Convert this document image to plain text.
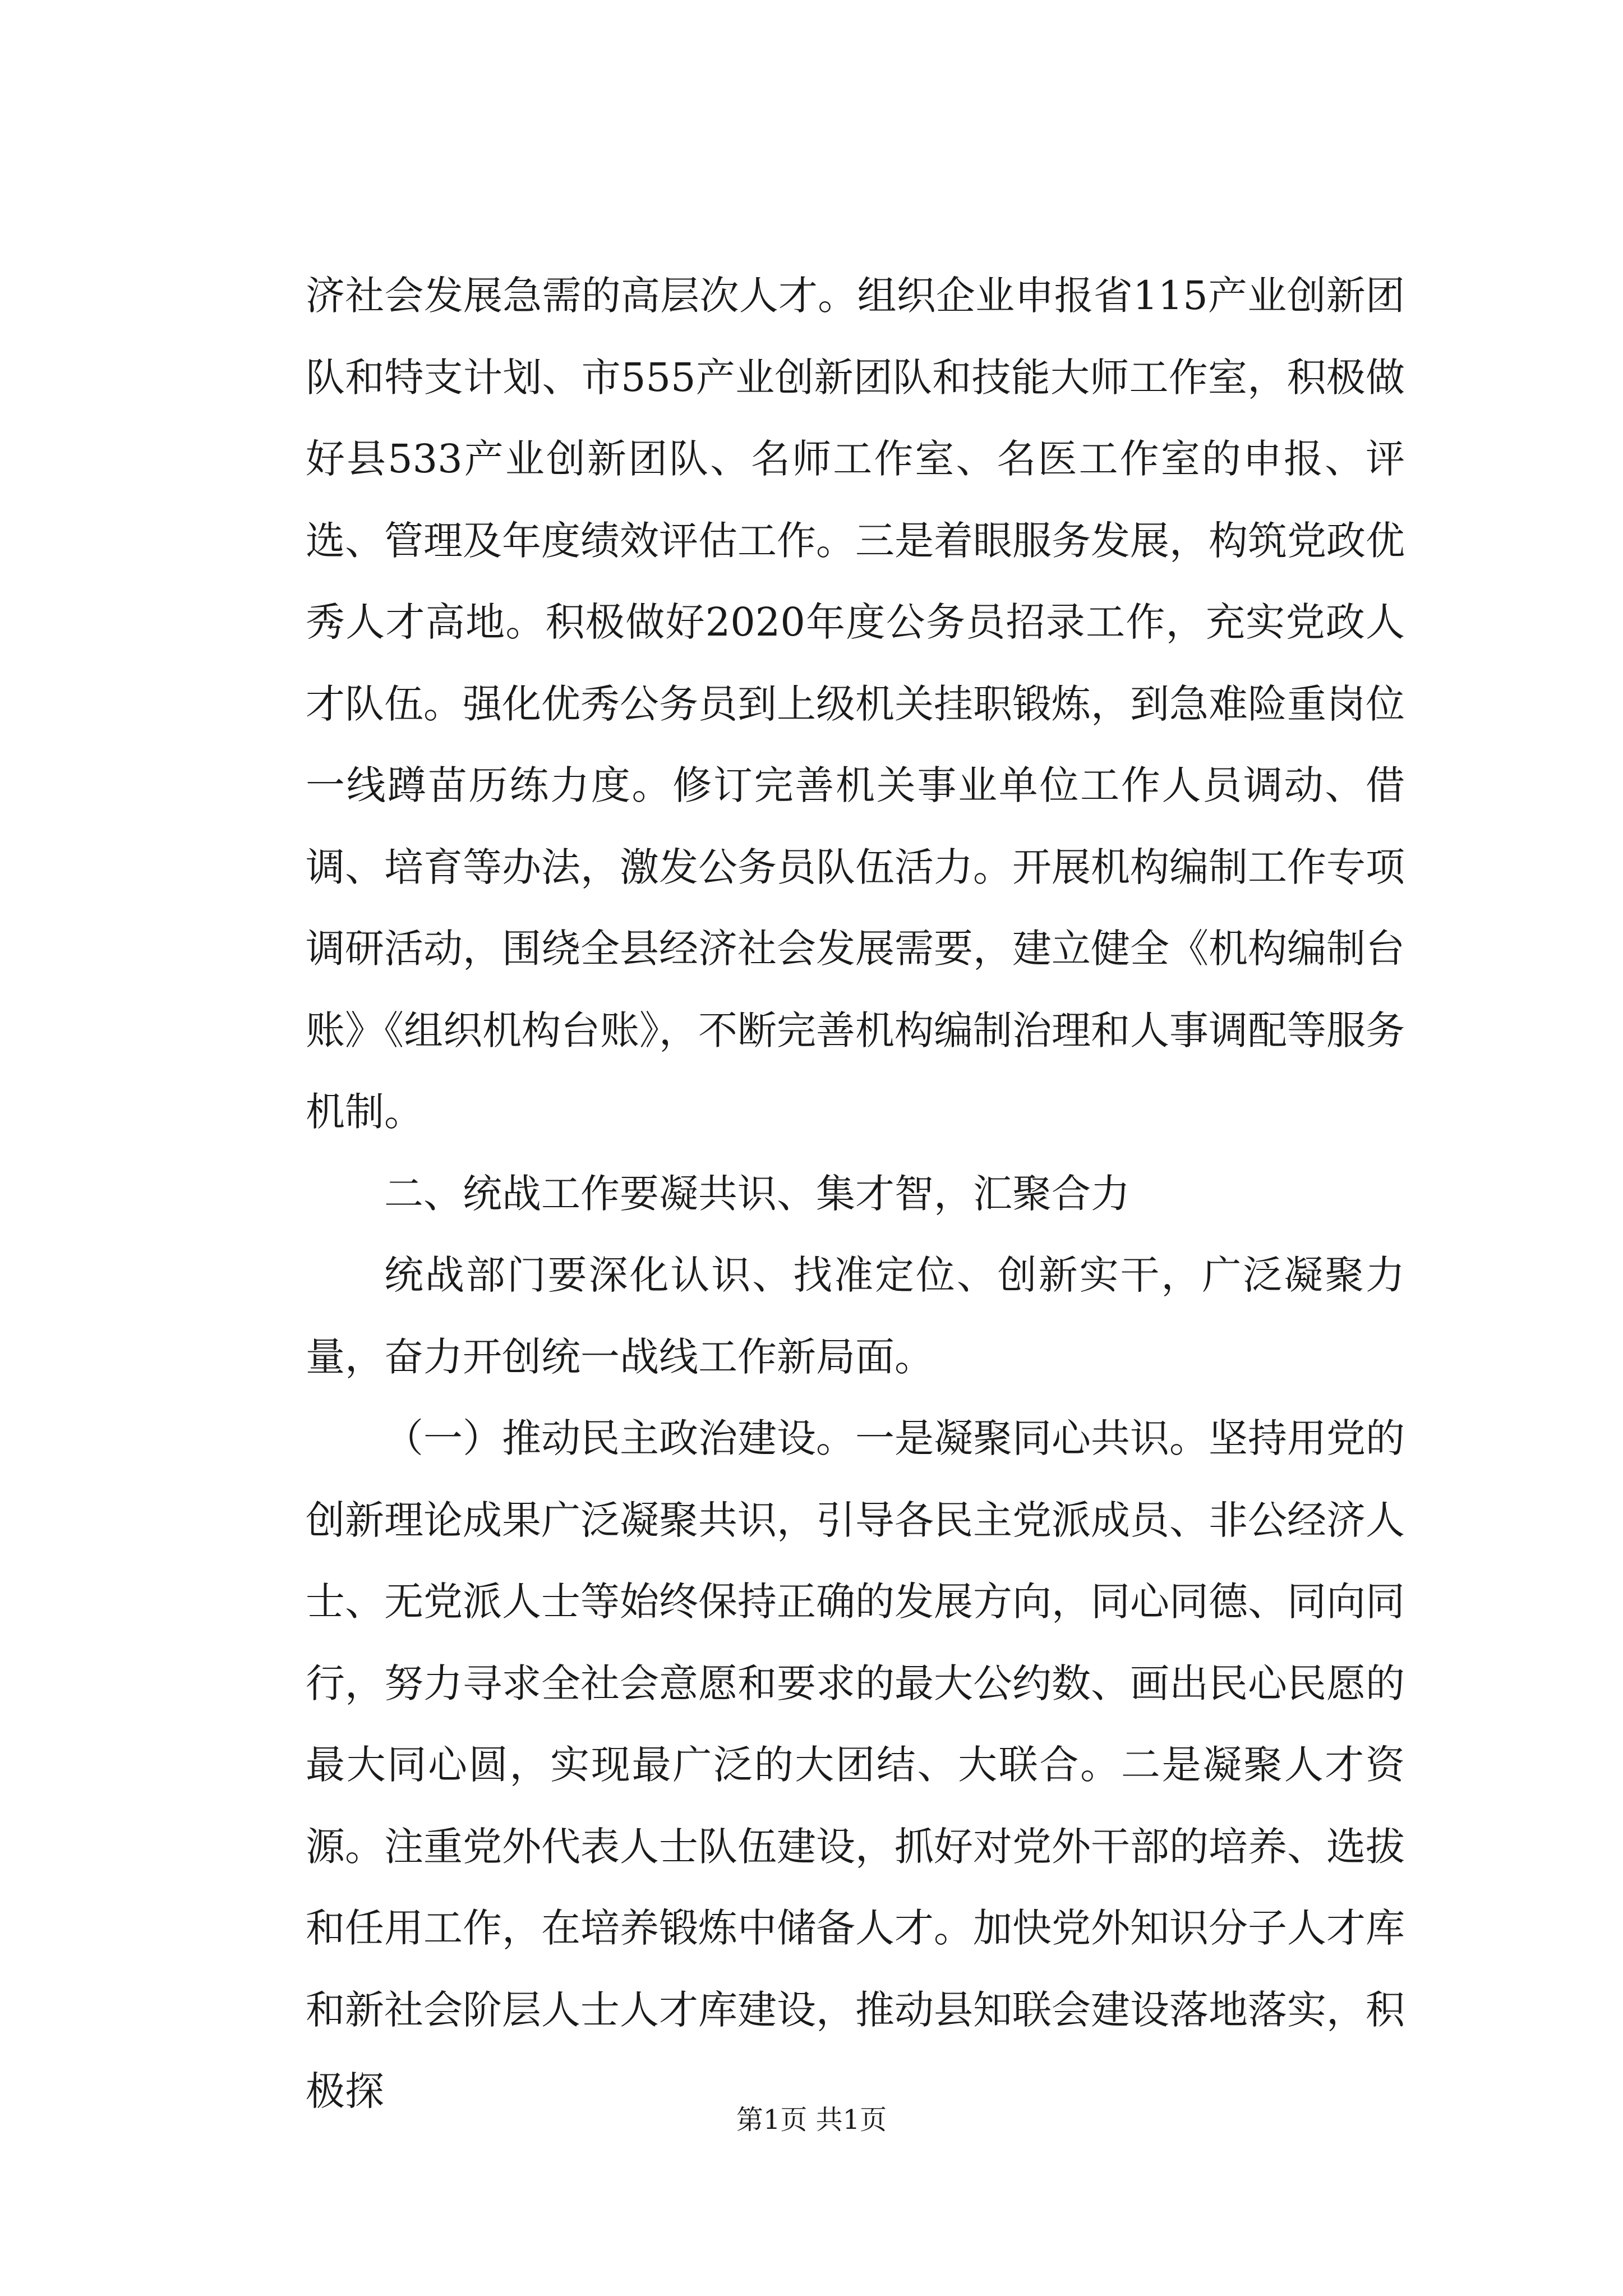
济社会发展急需的高层次人才。组织企业申报省115产业创新团队和特支计划、市555产业创新团队和技能大师工作室，积极做好县533产业创新团队、名师工作室、名医工作室的申报、评选、管理及年度绩效评估工作。三是着眼服务发展，构筑党政优秀人才高地。积极做好2020年度公务员招录工作，充实党政人才队伍。强化优秀公务员到上级机关挂职锻炼，到急难险重岗位一线蹲苗历练力度。修订完善机关事业单位工作人员调动、借调、培育等办法，激发公务员队伍活力。开展机构编制工作专项调研活动，围绕全县经济社会发展需要，建立健全《机构编制台账》《组织机构台账》，不断完善机构编制治理和人事调配等服务机制。

二、统战工作要凝共识、集才智，汇聚合力

统战部门要深化认识、找准定位、创新实干，广泛凝聚力量，奋力开创统一战线工作新局面。

（一）推动民主政治建设。一是凝聚同心共识。坚持用党的创新理论成果广泛凝聚共识，引导各民主党派成员、非公经济人士、无党派人士等始终保持正确的发展方向，同心同德、同向同行，努力寻求全社会意愿和要求的最大公约数、画出民心民愿的最大同心圆，实现最广泛的大团结、大联合。二是凝聚人才资源。注重党外代表人士队伍建设，抓好对党外干部的培养、选拔和任用工作，在培养锻炼中储备人才。加快党外知识分子人才库和新社会阶层人士人才库建设，推动县知联会建设落地落实，积极探

第1页 共1页
